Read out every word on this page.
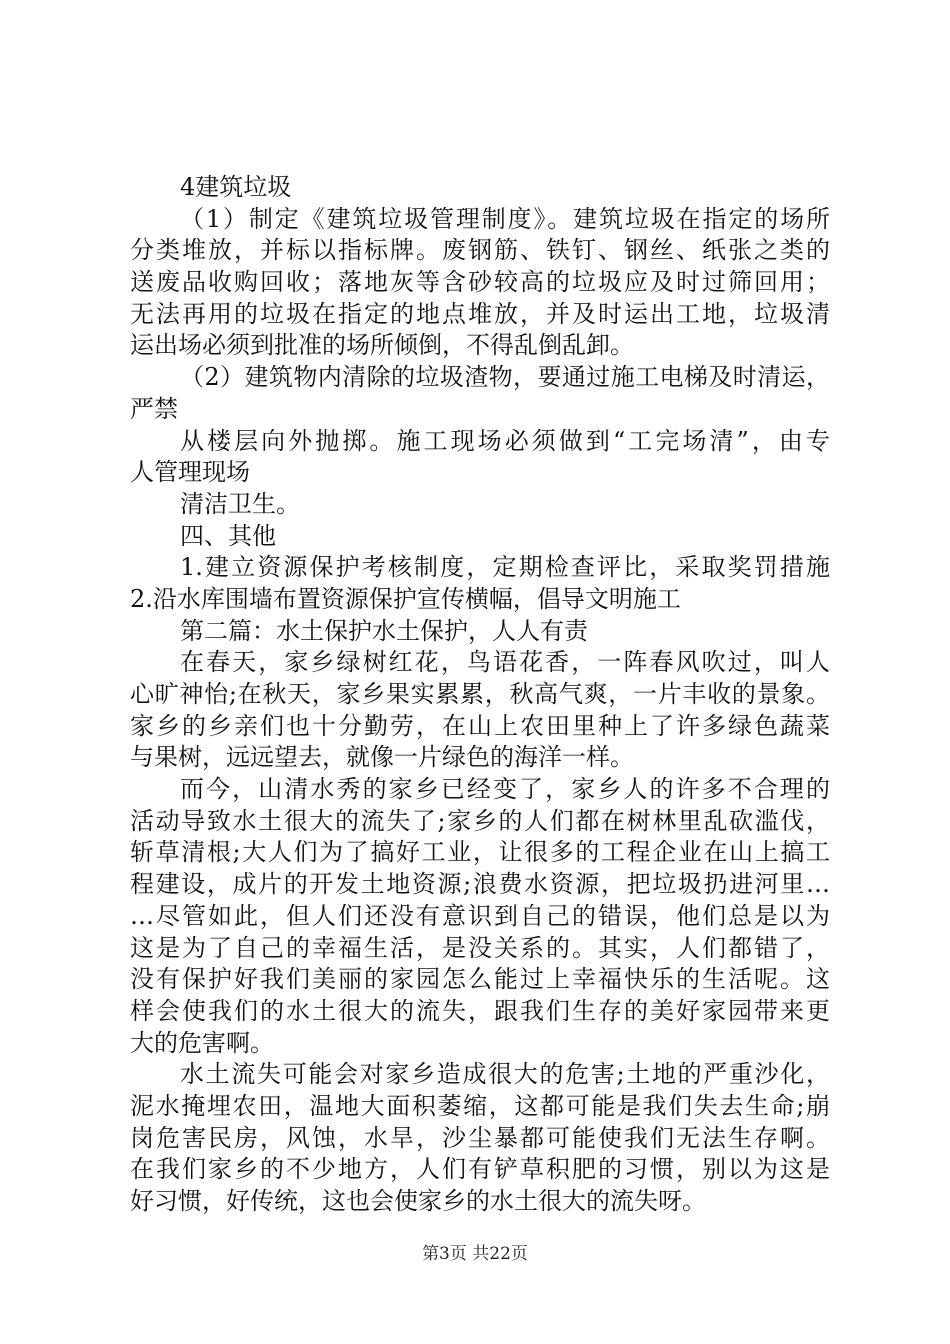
4建筑垃圾
（1）制定《建筑垃圾管理制度》。建筑垃圾在指定的场所
分类堆放，并标以指标牌。废钢筋、铁钉、钢丝、纸张之类的
送废品收购回收；落地灰等含砂较高的垃圾应及时过筛回用；
无法再用的垃圾在指定的地点堆放，并及时运出工地，垃圾清
运出场必须到批准的场所倾倒，不得乱倒乱卸。
（2）建筑物内清除的垃圾渣物，要通过施工电梯及时清运，
严禁
从楼层向外抛掷。施工现场必须做到“工完场清”，由专
人管理现场
清洁卫生。
四、其他
1.建立资源保护考核制度，定期检查评比，采取奖罚措施
2.沿水库围墙布置资源保护宣传横幅，倡导文明施工
第二篇：水土保护水土保护，人人有责
在春天，家乡绿树红花，鸟语花香，一阵春风吹过，叫人
心旷神怡;在秋天，家乡果实累累，秋高气爽，一片丰收的景象。
家乡的乡亲们也十分勤劳，在山上农田里种上了许多绿色蔬菜
与果树，远远望去，就像一片绿色的海洋一样。
而今，山清水秀的家乡已经变了，家乡人的许多不合理的
活动导致水土很大的流失了;家乡的人们都在树林里乱砍滥伐，
斩草清根;大人们为了搞好工业，让很多的工程企业在山上搞工
程建设，成片的开发土地资源;浪费水资源，把垃圾扔进河里…
…尽管如此，但人们还没有意识到自己的错误，他们总是以为
这是为了自己的幸福生活，是没关系的。其实，人们都错了，
没有保护好我们美丽的家园怎么能过上幸福快乐的生活呢。这
样会使我们的水土很大的流失，跟我们生存的美好家园带来更
大的危害啊。
水土流失可能会对家乡造成很大的危害;土地的严重沙化，
泥水掩埋农田，温地大面积萎缩，这都可能是我们失去生命;崩
岗危害民房，风蚀，水旱，沙尘暴都可能使我们无法生存啊。
在我们家乡的不少地方，人们有铲草积肥的习惯，别以为这是
好习惯，好传统，这也会使家乡的水土很大的流失呀。
第3页 共22页
